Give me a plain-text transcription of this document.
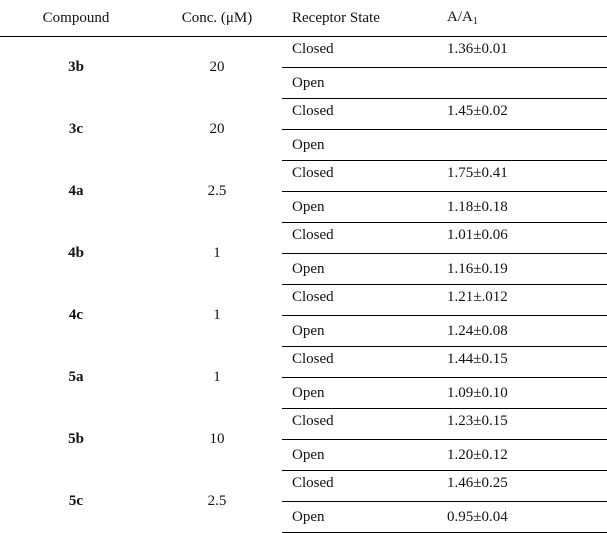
Compound	Conc. (μM)	Receptor State	$A/A_1$
3b	20	Closed	1.36±0.01
		Open	
3c	20	Closed	1.45±0.02
		Open	
4a	2.5	Closed	1.75±0.41
		Open	1.18±0.18
4b	1	Closed	1.01±0.06
		Open	1.16±0.19
4c	1	Closed	1.21±.012
		Open	1.24±0.08
5a	1	Closed	1.44±0.15
		Open	1.09±0.10
5b	10	Closed	1.23±0.15
		Open	1.20±0.12
5c	2.5	Closed	1.46±0.25
		Open	0.95±0.04
